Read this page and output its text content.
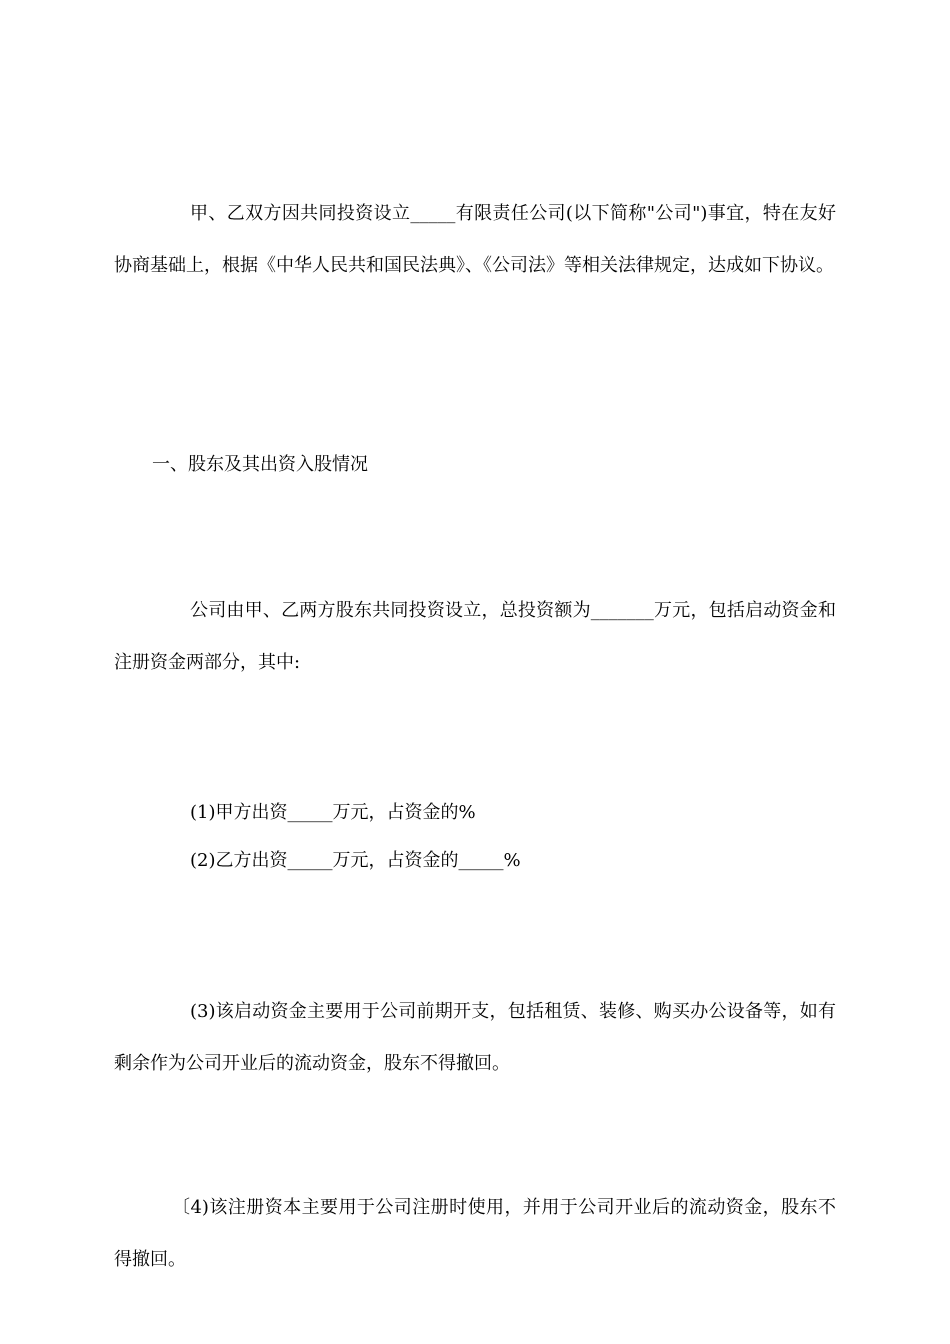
甲、乙双方因共同投资设立_____有限责任公司(以下简称"公司")事宜，特在友好协商基础上，根据《中华人民共和国民法典》、《公司法》等相关法律规定，达成如下协议。

一、股东及其出资入股情况

公司由甲、乙两方股东共同投资设立，总投资额为_______万元，包括启动资金和注册资金两部分，其中:

(1)甲方出资_____万元，占资金的%

(2)乙方出资_____万元，占资金的_____%

(3)该启动资金主要用于公司前期开支，包括租赁、装修、购买办公设备等，如有剩余作为公司开业后的流动资金，股东不得撤回。

〔4)该注册资本主要用于公司注册时使用，并用于公司开业后的流动资金，股东不得撤回。
